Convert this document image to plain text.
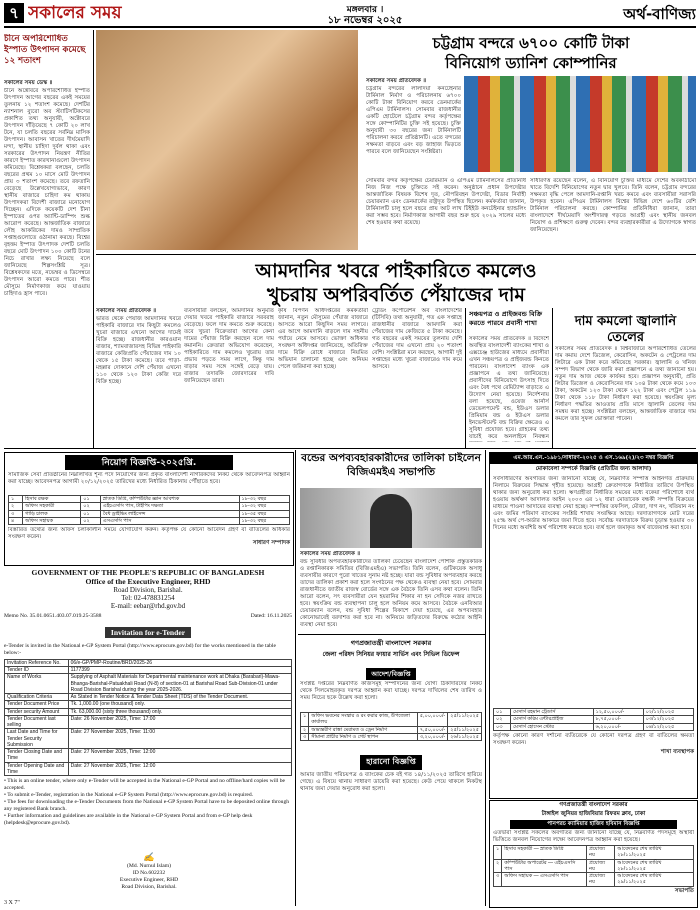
৭ সকালের সময়	মঙ্গলবার ।
১৮ নভেম্বর ২০২৫	অর্থ-বাণিজ্য
চীনে অপরিশোধিত ইস্পাত উৎপাদন কমেছে ১২ শতাংশ
সকালের সময় ডেস্ক ॥
চীনে অক্টোবরে অপরিশোধিত ইস্পাত উৎপাদন আগের বছরের একই সময়ের তুলনায় ১২ শতাংশ কমেছে। দেশটির ন্যাশনাল ব্যুরো অব স্ট্যাটিসটিকসের প্রকাশিত তথ্য অনুযায়ী, অক্টোবরে উৎপাদন দাঁড়িয়েছে ৭ কোটি ২০ লাখ টনে, যা চলতি বছরের সর্বনিম্ন মাসিক উৎপাদন। আবাসন খাতের দীর্ঘমেয়াদি মন্দা, স্থানীয় চাহিদা দুর্বল থাকা এবং সরকারের উৎপাদন নিয়ন্ত্রণ নীতির কারণে ইস্পাত কারখানাগুলো উৎপাদন কমিয়েছে। বিশ্লেষকরা বলছেন, চলতি বছরের প্রথম ১০ মাসে মোট উৎপাদন প্রায় ৩ শতাংশ কমেছে। তবে রফতানি বেড়েছে উল্লেখযোগ্যভাবে, কারণ স্থানীয় বাজারে চাহিদা কম থাকায় উৎপাদকরা বিদেশী বাজারে মনোযোগ দিচ্ছেন। এদিকে কয়েকটি দেশ চীনা ইস্পাতের ওপর অ্যান্টি-ডাম্পিং শুল্ক আরোপ করেছে। আন্তর্জাতিক বাজারে লৌহ আকরিকের দামও সাম্প্রতিক সপ্তাহগুলোতে ওঠানামা করছে। বিশ্বের বৃহত্তম ইস্পাত উৎপাদক দেশটি চলতি বছরে মোট উৎপাদন ১০০ কোটি টনের নিচে রাখার লক্ষ্য নিয়েছে বলে জানিয়েছে শিল্পসংশ্লিষ্ট সূত্র। বিশ্লেষকদের মতে, নভেম্বর ও ডিসেম্বরে উৎপাদন আরো কমতে পারে। শীত মৌসুমে নির্মাণকাজ কমে যাওয়ায় চাহিদাও হ্রাস পাবে।
চট্টগ্রাম বন্দরে ৬৭০০ কোটি টাকা
বিনিয়োগ ড্যানিশ কোম্পানির
সকালের সময় প্রতিবেদক ॥
চট্টগ্রাম বন্দরের লালদিয়া কনটেইনার টার্মিনাল নির্মাণ ও পরিচালনায় ৬৭০০ কোটি টাকা বিনিয়োগ করবে ডেনমার্কের এপিএম টার্মিনালস। সোমবার রাজধানীর একটি হোটেলে চট্টগ্রাম বন্দর কর্তৃপক্ষের সঙ্গে কোম্পানিটির চুক্তি সই হয়েছে। চুক্তি অনুযায়ী ৩০ বছরের জন্য টার্মিনালটি পরিচালনা করবে প্রতিষ্ঠানটি। এতে বন্দরের সক্ষমতা বাড়বে এবং বড় জাহাজ ভিড়তে পারবে বলে জানিয়েছেন সংশ্লিষ্টরা।
সোমবার বন্দর কর্তৃপক্ষের চেয়ারম্যান ও এপিএম টার্মিনালসের প্রতিনিধি নিজ নিজ পক্ষে চুক্তিতে সই করেন। অনুষ্ঠানে প্রধান উপদেষ্টার আন্তর্জাতিক বিষয়ক বিশেষ দূত, নৌপরিবহন উপদেষ্টা, বিডার নির্বাহী চেয়ারম্যান এবং ডেনমার্কের রাষ্ট্রদূত উপস্থিত ছিলেন। কর্মকর্তারা জানান, টার্মিনালটি চালু হলে বছরে প্রায় আট লাখ টিইইউ কনটেইনার হ্যান্ডলিং করা সম্ভব হবে। নির্মাণকাজ আগামী বছর শুরু হয়ে ২০২৯ সালের মধ্যে শেষ হওয়ার কথা রয়েছে।
সাধারণত্ত রয়েছেন বলেন, এ বিনিয়োগ চুক্তির মাধ্যমে দেশের অবকাঠামো খাতে বিদেশি বিনিয়োগের নতুন দ্বার খুলবে। তিনি বলেন, চট্টগ্রাম বন্দরের সক্ষমতা বৃদ্ধি পেলে আমদানি-রপ্তানি খরচ কমবে এবং ব্যবসায়ীরা সরাসরি উপকৃত হবেন। এপিএম টার্মিনালস বিশ্বের বিভিন্ন দেশে ৬০টির বেশি টার্মিনাল পরিচালনা করছে। কোম্পানির প্রতিনিধিরা জানান, তারা বাংলাদেশে দীর্ঘমেয়াদি অংশীদারত্ব গড়তে আগ্রহী এবং স্থানীয় জনবল নিয়োগ ও প্রশিক্ষণে গুরুত্ব দেবেন। বন্দর ব্যবহারকারীরা এ উদ্যোগকে স্বাগত জানিয়েছেন।
আমদানির খবরে পাইকারিতে কমলেও
খুচরায় অপরিবর্তিত পেঁয়াজের দাম
সকালের সময় প্রতিবেদক ॥
ভারত থেকে পেঁয়াজ আমদানির খবরে পাইকারি বাজারে দাম কিছুটা কমলেও খুচরা বাজারে এখনো আগের দামেই বিক্রি হচ্ছে। রাজধানীর কারওয়ান বাজার, শ্যামবাজারসহ বিভিন্ন পাইকারি বাজারে কেজিপ্রতি পেঁয়াজের দাম ১০ থেকে ১৫ টাকা কমেছে। তবে পাড়া-মহল্লার দোকানে দেশি পেঁয়াজ এখনো ১১০ থেকে ১২০ টাকা কেজি দরে বিক্রি হচ্ছে।
ব্যবসায়ীরা বলছেন, আমদানির অনুমতি দেয়ার খবরে পাইকারি বাজারে সরবরাহ বেড়েছে। ফলে দাম কমতে শুরু করেছে। তবে খুচরা বিক্রেতারা আগের কেনা দামের পেঁয়াজ বিক্রি করছেন বলে দাম কমাননি। ক্রেতারা অভিযোগ করেছেন, পাইকারিতে দাম কমলেও খুচরায় তার প্রভাব পড়তে সময় লাগে, কিন্তু দাম বাড়ার সময় সঙ্গে সঙ্গেই বেড়ে যায়। বাজার তদারকি জোরদারের দাবি জানিয়েছেন তারা।
কৃষি বিপণন অধিদপ্তরের কর্মকর্তারা জানান, নতুন মৌসুমের পেঁয়াজ বাজারে আসতে আরো কিছুদিন সময় লাগবে। এর আগে আমদানি বাড়লে দাম সহনীয় পর্যায়ে নেমে আসবে। ভোক্তা অধিকার সংরক্ষণ অধিদপ্তর জানিয়েছে, অতিরিক্ত দামে বিক্রি রোধে বাজারে নিয়মিত অভিযান চালানো হচ্ছে এবং অনিয়ম পেলে জরিমানা করা হচ্ছে।
ট্রেডিং কর্পোরেশন অব বাংলাদেশের (টিসিবি) তথ্য অনুযায়ী, গত এক সপ্তাহে রাজধানীর বাজারে আমদানি করা পেঁয়াজের দাম কেজিতে ৫ টাকা কমেছে। গত বছরের একই সময়ের তুলনায় দেশি পেঁয়াজের দাম এখনো প্রায় ২০ শতাংশ বেশি। সংশ্লিষ্টরা মনে করছেন, আগামী দুই সপ্তাহের মধ্যে খুচরা বাজারেও দাম কমে আসবে।
সঞ্চয়পত্র ও প্রাইজবন্ড বিক্রি করতে পারবে প্রবাসী শাখা
সকালের সময় প্রতিবেদক ॥ বিদেশে অবস্থিত বাংলাদেশী ব্যাংকের শাখা ও এক্সচেঞ্জ হাউজের মাধ্যমে প্রবাসীরা এখন সঞ্চয়পত্র ও প্রাইজবন্ড কিনতে পারবেন। বাংলাদেশ ব্যাংক এক প্রজ্ঞাপনে এ তথ্য জানিয়েছে। প্রবাসীদের বিনিয়োগে উৎসাহ দিতে এবং বৈধ পথে রেমিট্যান্স বাড়াতে এ উদ্যোগ নেয়া হয়েছে। নির্দেশনায় বলা হয়েছে, ওয়েজ আর্নার্স ডেভেলপমেন্ট বন্ড, ইউএস ডলার প্রিমিয়াম বন্ড ও ইউএস ডলার ইনভেস্টমেন্ট বন্ড বিক্রির ক্ষেত্রেও এ সুবিধা প্রযোজ্য হবে। গ্রাহকের তথ্য যাচাই করে অনলাইনে নিবন্ধন
দাম কমলো জ্বালানি তেলের
সকালের সময় প্রতিবেদক ॥ বিশ্ববাজারে অপরিশোধিত তেলের দাম কমায় দেশে ডিজেল, কেরোসিন, অকটেন ও পেট্রলের দাম লিটারে এক টাকা করে কমিয়েছে সরকার। জ্বালানি ও খনিজ সম্পদ বিভাগ থেকে জারি করা প্রজ্ঞাপনে এ তথ্য জানানো হয়। নতুন দাম আজ থেকে কার্যকর হবে। প্রজ্ঞাপন অনুযায়ী, প্রতি লিটার ডিজেল ও কেরোসিনের দাম ১০৪ টাকা থেকে কমে ১০৩ টাকা, অকটেন ১২৩ টাকা থেকে ১২২ টাকা এবং পেট্রল ১১৯ টাকা থেকে ১১৮ টাকা নির্ধারণ করা হয়েছে। স্বয়ংক্রিয় মূল্য নির্ধারণ পদ্ধতির আওতায় প্রতি মাসে জ্বালানি তেলের দাম সমন্বয় করা হচ্ছে। সংশ্লিষ্টরা বলছেন, আন্তর্জাতিক বাজারে দাম কমলে তার সুফল ভোক্তারা পাবেন।
নিয়োগ বিজ্ঞপ্তি-২০২৫খ্রি.
সামাজিক সেবা প্রতিষ্ঠানের নিম্নলিখিত শূন্য পদে নিয়োগের জন্য প্রকৃত বাংলাদেশী নাগরিকদের নিকট থেকে আবেদনপত্র আহ্বান করা যাচ্ছে। আবেদনপত্র আগামী ২০/১২/২০২৫ তারিখের মধ্যে নির্ধারিত ঠিকানায় পৌঁছাতে হবে।
১	হিসাব রক্ষক	০১	স্নাতক ডিগ্রি, কম্পিউটার জ্ঞান আবশ্যক	১৮-৩২ বছর
২	অফিস সহকারী	০২	এইচএসসি পাস, টাইপিং দক্ষতা	১৮-৩২ বছর
৩	গাড়ি চালক	০১	বৈধ ড্রাইভিং লাইসেন্স	১৮-৩৫ বছর
৪	অফিস সহায়ক	০২	এসএসসি পাস	১৮-৩২ বছর
বিস্তারিত তথ্যের জন্য অফিস চলাকালীন সময়ে যোগাযোগ করুন। কর্তৃপক্ষ যে কোনো আবেদন গ্রহণ বা বাতিলের অধিকার সংরক্ষণ করেন।
সাধারণ সম্পাদক
GOVERNMENT OF THE PEOPLE'S REPUBLIC OF BANGLADESH
Office of the Executive Engineer, RHD
Road Division, Barishal.
Tel: 02-478831254
E-mail: eebar@rhd.gov.bd
Memo No. 35.01.0651.403.07.019.25-3588	Dated: 16.11.2025
Invitation for e-Tender
e-Tender is invited in the National e-GP System Portal (http://www.eprocure.gov.bd) for the works mentioned in the table below:-
Invitation Reference No.	06/e-GP/PMP-Routine/BRD/2025-26
Tender ID	1177399
Name of Works	Supplying of Asphalt Materials for Departmental maintenance work at Dhaka (Barabari)-Mawa-Bhanga-Barishal-Patuakhali Road (N-8) of section-01 at Barishal Road Sub-Division-01 under Road Division Barishal during the year 2025-2026.
Qualification Criteria	As Stated in Tender Notice & Tender Data Sheet (TDS) of the Tender Document.
Tender Document Price	Tk. 1,000.00 (one thousand) only.
Tender security Amount	Tk. 63,000.00 (sixty three thousand) only.
Tender Document last selling	Date: 26 November 2025, Time: 17:00
Last Date and Time for Tender Security Submission	Date: 27 November 2025, Time: 11:00
Tender Closing Date and Time	Date: 27 November 2025, Time: 12:00
Tender Opening Date and Time	Date: 27 November 2025, Time: 12:00
• This is an online tender, where only e-Tender will be accepted in the National e-GP Portal and no offline/hard copies will be accepted.
• To submit e-Tender, registration in the National e-GP System Portal (http://www.eprocure.gov.bd) is required.
• The fees for downloading the e-Tender Documents from the National e-GP System Portal have to be deposited online through any registered Bank branch.
• Further information and guidelines are available in the National e-GP System Portal and from e-GP help desk (helpdesk@eprocure.gov.bd).
✍
(Md. Nurnul Islam)
ID No.602232
Executive Engineer, RHD
Road Division, Barishal.
3 X 7"
বন্ডের অপব্যবহারকারীদের তালিকা চাইলেন বিজিএমইএ সভাপতি
সকালের সময় প্রতিবেদক ॥
বন্ড সুবিধার অপব্যবহারকারীদের তালিকা চেয়েছেন বাংলাদেশ পোশাক প্রস্তুতকারক ও রপ্তানিকারক সমিতির (বিজিএমইএ) সভাপতি। তিনি বলেন, গুটিকয়েক অসাধু ব্যবসায়ীর কারণে পুরো খাতের সুনাম নষ্ট হচ্ছে। যারা বন্ড সুবিধার অপব্যবহার করছে তাদের তালিকা প্রকাশ করা হলে সংগঠনের পক্ষ থেকেও ব্যবস্থা নেয়া হবে। সোমবার রাজধানীতে জাতীয় রাজস্ব বোর্ডের সঙ্গে এক বৈঠকে তিনি এসব কথা বলেন। তিনি আরো বলেন, সৎ ব্যবসায়ীরা যেন হয়রানির শিকার না হন সেদিকে নজর রাখতে হবে। স্বয়ংক্রিয় বন্ড ব্যবস্থাপনা চালু হলে অনিয়ম কমে আসবে। বৈঠকে এনবিআর চেয়ারম্যান বলেন, বন্ড সুবিধা শিল্পের বিকাশে দেয়া হয়েছে, এর অপব্যবহার কোনোভাবেই বরদাশত করা হবে না। অনিয়মে জড়িতদের বিরুদ্ধে কঠোর আইনি ব্যবস্থা নেয়া হবে।
গণপ্রজাতন্ত্রী বাংলাদেশ সরকার
জেলা পরিষদ সিনিয়র ফায়ার সার্ভিস এবং সিভিল ডিফেন্স
আদেশ/বিজ্ঞপ্তি
সংশ্লিষ্ট দপ্তরের নিম্নবর্ণিত কাজসমূহ সম্পাদনের জন্য যোগ্য ঠিকাদারদের নিকট থেকে সিলমোহরকৃত দরপত্র আহ্বান করা যাচ্ছে। দরপত্র দাখিলের শেষ তারিখ ও সময় নিচের ছকে উল্লেখ করা হলো।
১	অফিস ভবনের সংস্কার ও রং করার কাজ, উপজেলা কার্যালয়	৫,০০,০০০/-	২৫/১১/২০২৫
২	অভ্যন্তরীণ রাস্তা মেরামত ও ড্রেন নির্মাণ	৭,৫০,০০০/-	২৫/১১/২০২৫
৩	সীমানা প্রাচীর নির্মাণ ও গেট স্থাপন	৩,২০,০০০/-	২৬/১১/২০২৫
হারানো বিজ্ঞপ্তি
আমার জাতীয় পরিচয়পত্র ও ব্যাংকের চেক বই গত ১৪/১১/২০২৫ তারিখে হারিয়ে গেছে। এ বিষয়ে থানায় সাধারণ ডায়েরি করা হয়েছে। কেউ পেয়ে থাকলে নিকটস্থ থানায় জমা দেয়ার অনুরোধ করা হলো।
এম.আর.এন.-১৯৮১/সাধারণ-২০২৫ ও এস.১৬৯(২)/২৩ নম্বর বিজ্ঞপ্তি
মোকাবেলা সম্পর্কে বিজ্ঞপ্তি (প্রতিটির জন্য আলাদা)
সর্বসাধারণের অবগতির জন্য জানানো যাচ্ছে যে, নিম্নবর্ণিত সম্পত্তি আইনগত প্রক্রিয়ায় নিলামে বিক্রয়ের সিদ্ধান্ত গৃহীত হয়েছে। আগ্রহী ক্রেতাগণকে নির্ধারিত তারিখে উপস্থিত থাকার জন্য অনুরোধ করা হলো। ঋণগ্রহীতা নির্ধারিত সময়ের মধ্যে বকেয়া পরিশোধে ব্যর্থ হওয়ায় অর্থঋণ আদালত আইন ২০০৩ এর ১২ ধারা মোতাবেক বন্ধকী সম্পত্তি বিক্রয়ের মাধ্যমে পাওনা আদায়ের ব্যবস্থা নেয়া হচ্ছে। সম্পত্তির তফসিল, মৌজা, দাগ নং, খতিয়ান নং এবং জমির পরিমাণ ব্যাংকের সংশ্লিষ্ট শাখায় সংরক্ষিত আছে। দরদাতাগণকে মোট দরের ২৫% অর্থ পে-অর্ডার আকারে জমা দিতে হবে। সর্বোচ্চ দরদাতাকে বিক্রয় চূড়ান্ত হওয়ার ৩০ দিনের মধ্যে অবশিষ্ট অর্থ পরিশোধ করতে হবে। ব্যর্থ হলে জমাকৃত অর্থ বাজেয়াপ্ত করা হবে।
০১	মেসার্স রহমান ট্রেডার্স	১২,৫০,০০০/-	০২/১২/২০২৫
০২	মেসার্স করিম এন্টারপ্রাইজ	৮,৭৫,০০০/-	০৩/১২/২০২৫
০৩	মেসার্স হোসেন স্টোর	৬,২০,০০০/-	০৪/১২/২০২৫
কর্তৃপক্ষ কোনো কারণ দর্শানো ব্যতিরেকে যে কোনো দরপত্র গ্রহণ বা বাতিলের ক্ষমতা সংরক্ষণ করেন।
শাখা ব্যবস্থাপক
গণপ্রজাতন্ত্রী বাংলাদেশ সরকার
টাঙ্গাইল জুনিয়র হাজিবিয়ার রিফরম ক্লাব, ঢাকা
পানপরচ ক্যামিয়ার হাজিব হবিমান বিজ্ঞপ্তি
এতদ্বারা সংশ্লিষ্ট সকলের অবগতির জন্য জানানো যাচ্ছে যে, নিম্নবর্ণিত পদসমূহে অস্থায়ী ভিত্তিতে জনবল নিয়োগের লক্ষ্যে আবেদনপত্র আহ্বান করা হয়েছে।
১	হিসাব সহকারী — স্নাতক ডিগ্রি	প্রযোজ্য নয়	আবেদনের শেষ তারিখ ২৮/১১/২০২৫
২	কম্পিউটার অপারেটর — এইচএসসি পাস	প্রযোজ্য নয়	আবেদনের শেষ তারিখ ২৮/১১/২০২৫
৩	অফিস সহায়ক — এসএসসি পাস	প্রযোজ্য নয়	আবেদনের শেষ তারিখ ২৯/১১/২০২৫
সভাপতি
